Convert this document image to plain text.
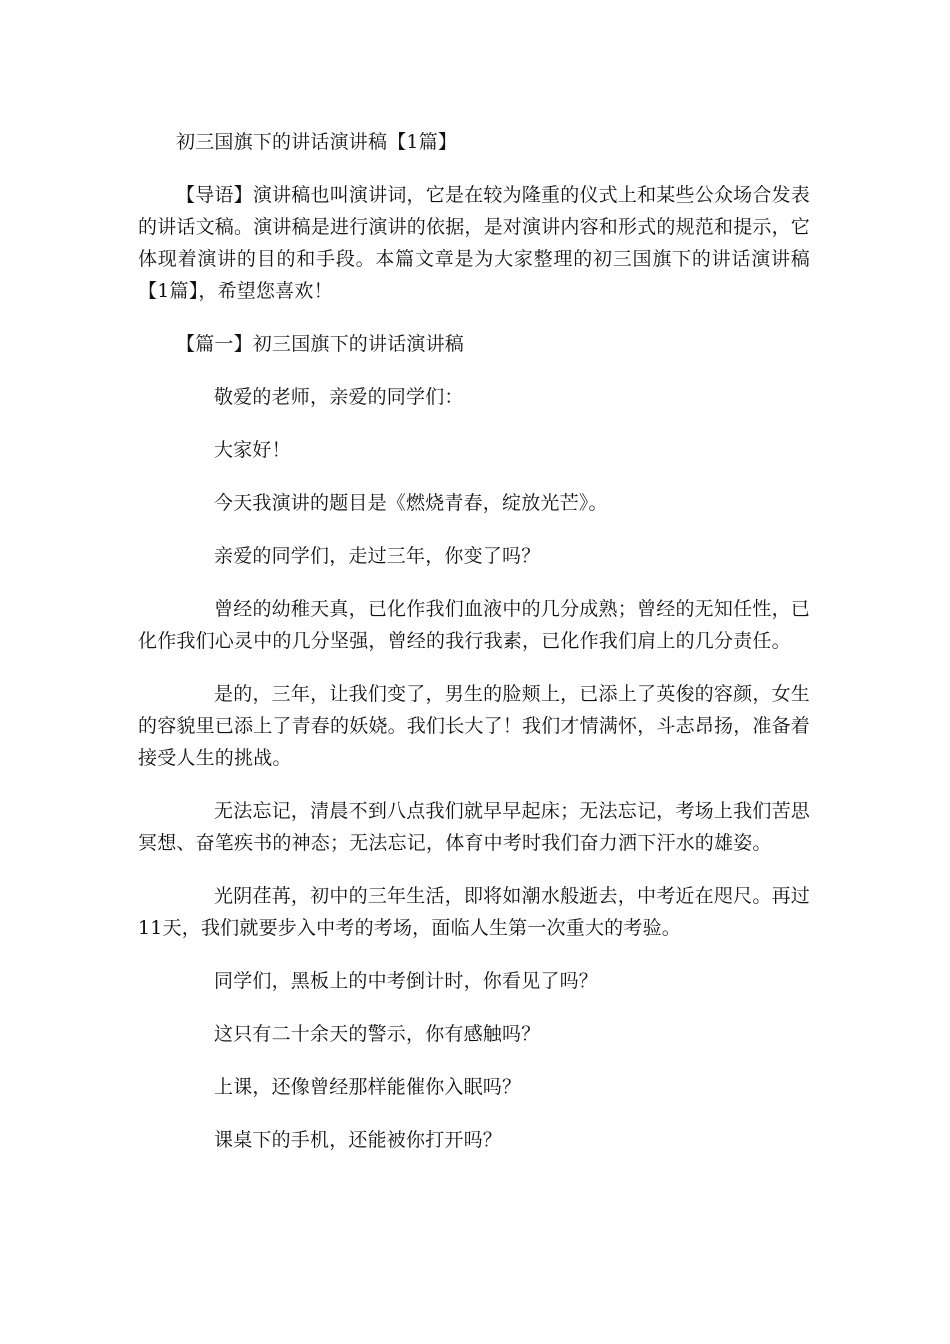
初三国旗下的讲话演讲稿【1篇】

【导语】演讲稿也叫演讲词，它是在较为隆重的仪式上和某些公众场合发表的讲话文稿。演讲稿是进行演讲的依据，是对演讲内容和形式的规范和提示，它体现着演讲的目的和手段。本篇文章是为大家整理的初三国旗下的讲话演讲稿【1篇】，希望您喜欢！

【篇一】初三国旗下的讲话演讲稿

敬爱的老师，亲爱的同学们：

大家好！

今天我演讲的题目是《燃烧青春，绽放光芒》。

亲爱的同学们，走过三年，你变了吗？

曾经的幼稚天真，已化作我们血液中的几分成熟；曾经的无知任性，已化作我们心灵中的几分坚强，曾经的我行我素，已化作我们肩上的几分责任。

是的，三年，让我们变了，男生的脸颊上，已添上了英俊的容颜，女生的容貌里已添上了青春的妖娆。我们长大了！我们才情满怀，斗志昂扬，准备着接受人生的挑战。

无法忘记，清晨不到八点我们就早早起床；无法忘记，考场上我们苦思冥想、奋笔疾书的神态；无法忘记，体育中考时我们奋力洒下汗水的雄姿。

光阴荏苒，初中的三年生活，即将如潮水般逝去，中考近在咫尺。再过11天，我们就要步入中考的考场，面临人生第一次重大的考验。

同学们，黑板上的中考倒计时，你看见了吗？

这只有二十余天的警示，你有感触吗？

上课，还像曾经那样能催你入眠吗？

课桌下的手机，还能被你打开吗？
